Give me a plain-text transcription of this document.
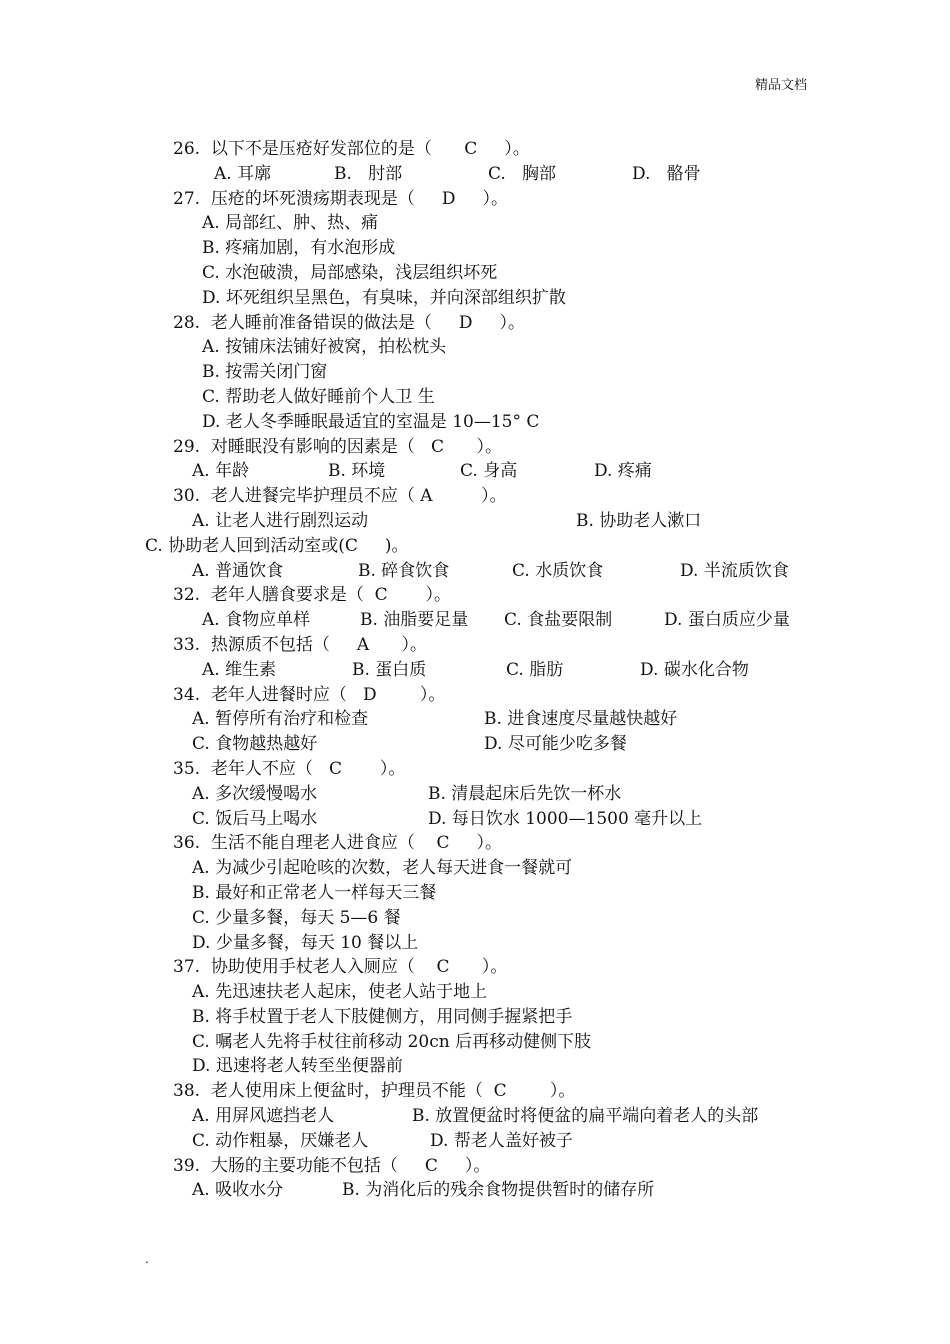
精品文档
26.  以下不是压疮好发部位的是（      C     ）。
A. 耳廓	B.   肘部	C.   胸部	D.   骼骨
27.  压疮的坏死溃疡期表现是（     D     ）。
A. 局部红、肿、热、痛
B. 疼痛加剧，有水泡形成
C. 水泡破溃，局部感染，浅层组织坏死
D. 坏死组织呈黑色，有臭味，并向深部组织扩散
28.  老人睡前准备错误的做法是（     D     ）。
A. 按铺床法铺好被窝，拍松枕头
B. 按需关闭门窗
C. 帮助老人做好睡前个人卫 生
D. 老人冬季睡眠最适宜的室温是 10—15° C
29.  对睡眠没有影响的因素是（   C      ）。
A. 年龄	B. 环境	C. 身高	D. 疼痛
30.  老人进餐完毕护理员不应（ A         ）。
A. 让老人进行剧烈运动	B. 协助老人漱口
C. 协助老人回到活动室或(C     )。
A. 普通饮食	B. 碎食饮食	C. 水质饮食	D. 半流质饮食
32.  老年人膳食要求是（  C       ）。
A. 食物应单样	B. 油脂要足量 C. 食盐要限制	D. 蛋白质应少量
33.  热源质不包括（     A      ）。
A. 维生素	B. 蛋白质	C. 脂肪	D. 碳水化合物
34.  老年人进餐时应（   D        ）。
A. 暂停所有治疗和检查	B. 进食速度尽量越快越好
C. 食物越热越好	D. 尽可能少吃多餐
35.  老年人不应（   C       ）。
A. 多次缓慢喝水	B. 清晨起床后先饮一杯水
C. 饭后马上喝水	D. 每日饮水 1000—1500 毫升以上
36.  生活不能自理老人进食应（    C     ）。
A. 为减少引起呛咳的次数，老人每天进食一餐就可
B. 最好和正常老人一样每天三餐
C. 少量多餐，每天 5—6 餐
D. 少量多餐，每天 10 餐以上
37.  协助使用手杖老人入厕应（    C      ）。
A. 先迅速扶老人起床，使老人站于地上
B. 将手杖置于老人下肢健侧方，用同侧手握紧把手
C. 嘱老人先将手杖往前移动 20cn 后再移动健侧下肢
D. 迅速将老人转至坐便器前
38.  老人使用床上便盆时，护理员不能（  C        ）。
A. 用屏风遮挡老人	B. 放置便盆时将便盆的扁平端向着老人的头部
C. 动作粗暴，厌嫌老人	D. 帮老人盖好被子
39.  大肠的主要功能不包括（     C     ）。
A. 吸收水分	B. 为消化后的残余食物提供暂时的储存所
.
